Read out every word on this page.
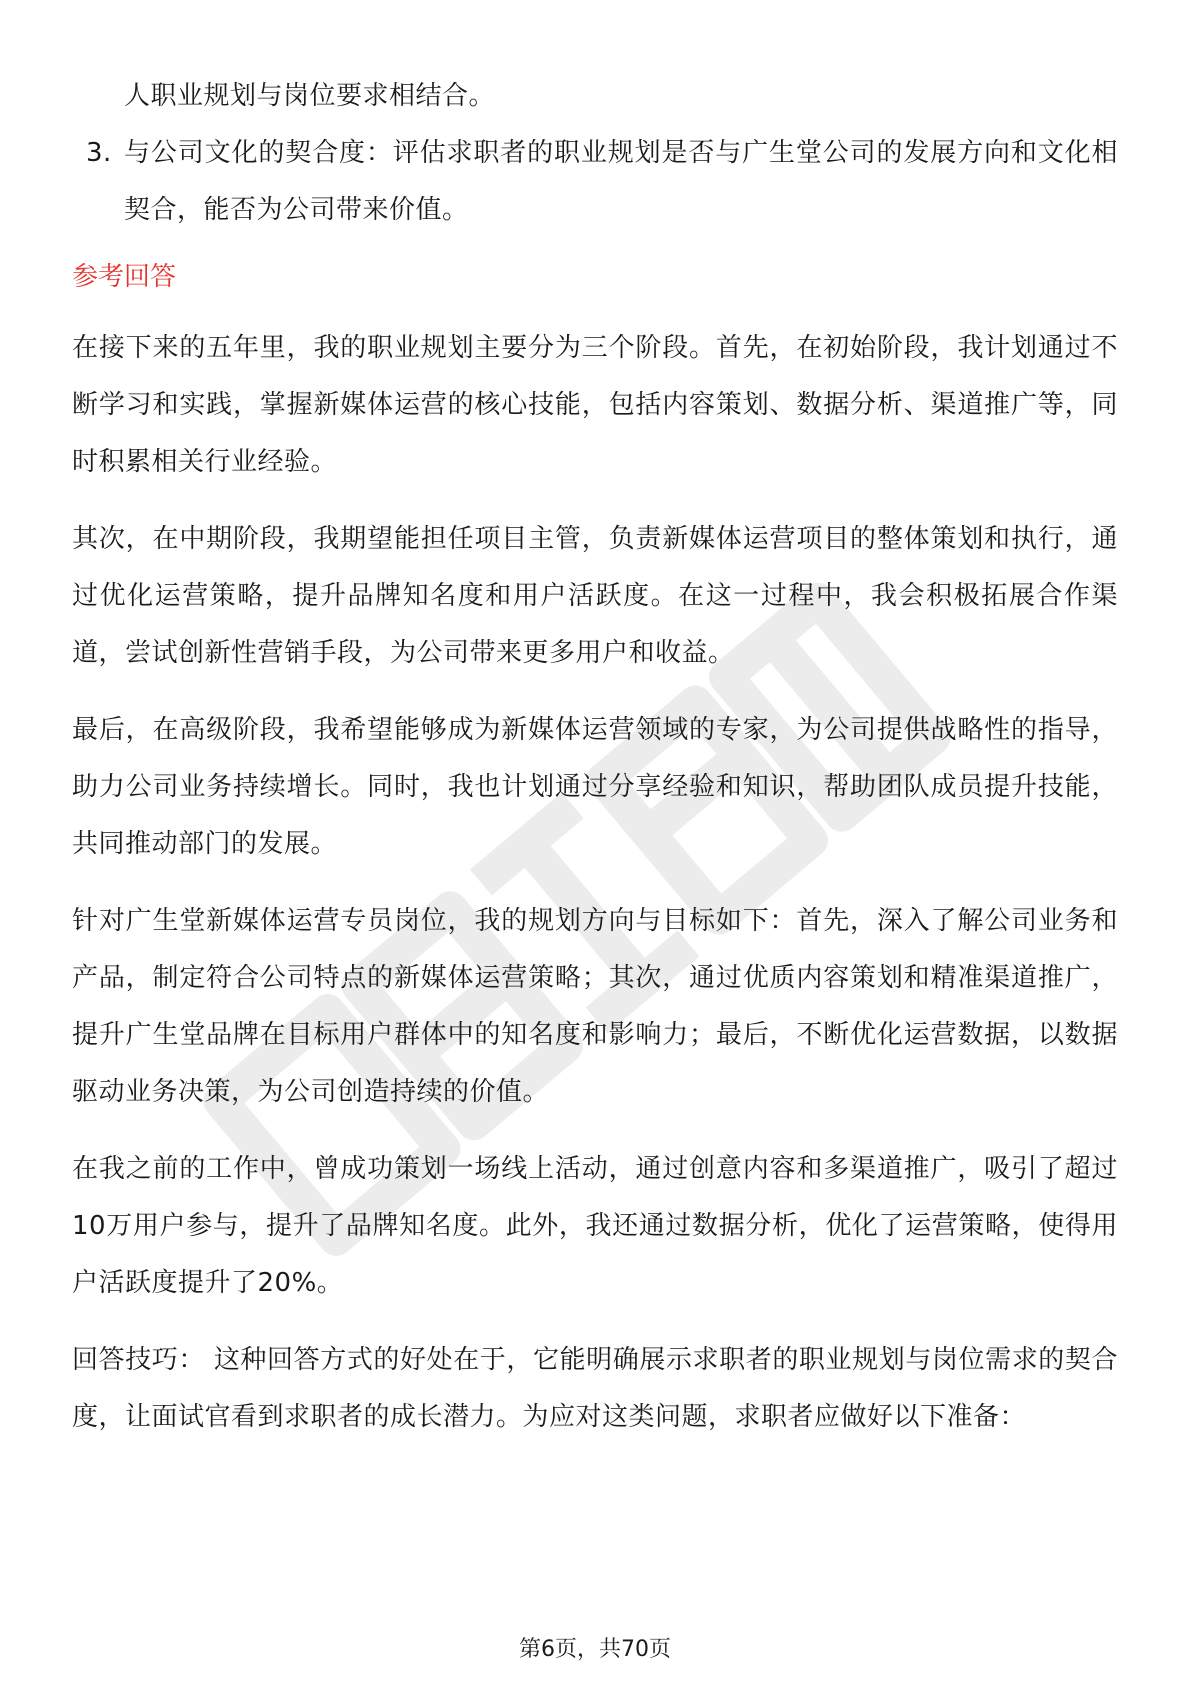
人职业规划与岗位要求相结合。

3. 与公司文化的契合度：评估求职者的职业规划是否与广生堂公司的发展方向和文化相契合，能否为公司带来价值。
参考回答

在接下来的五年里，我的职业规划主要分为三个阶段。首先，在初始阶段，我计划通过不断学习和实践，掌握新媒体运营的核心技能，包括内容策划、数据分析、渠道推广等，同时积累相关行业经验。

其次，在中期阶段，我期望能担任项目主管，负责新媒体运营项目的整体策划和执行，通过优化运营策略，提升品牌知名度和用户活跃度。在这一过程中，我会积极拓展合作渠道，尝试创新性营销手段，为公司带来更多用户和收益。

最后，在高级阶段，我希望能够成为新媒体运营领域的专家，为公司提供战略性的指导，助力公司业务持续增长。同时，我也计划通过分享经验和知识，帮助团队成员提升技能，共同推动部门的发展。

针对广生堂新媒体运营专员岗位，我的规划方向与目标如下：首先，深入了解公司业务和产品，制定符合公司特点的新媒体运营策略；其次，通过优质内容策划和精准渠道推广，提升广生堂品牌在目标用户群体中的知名度和影响力；最后，不断优化运营数据，以数据驱动业务决策，为公司创造持续的价值。

在我之前的工作中，曾成功策划一场线上活动，通过创意内容和多渠道推广，吸引了超过10万用户参与，提升了品牌知名度。此外，我还通过数据分析，优化了运营策略，使得用户活跃度提升了20%。

回答技巧： 这种回答方式的好处在于，它能明确展示求职者的职业规划与岗位需求的契合度，让面试官看到求职者的成长潜力。为应对这类问题，求职者应做好以下准备：

第6页，共70页
